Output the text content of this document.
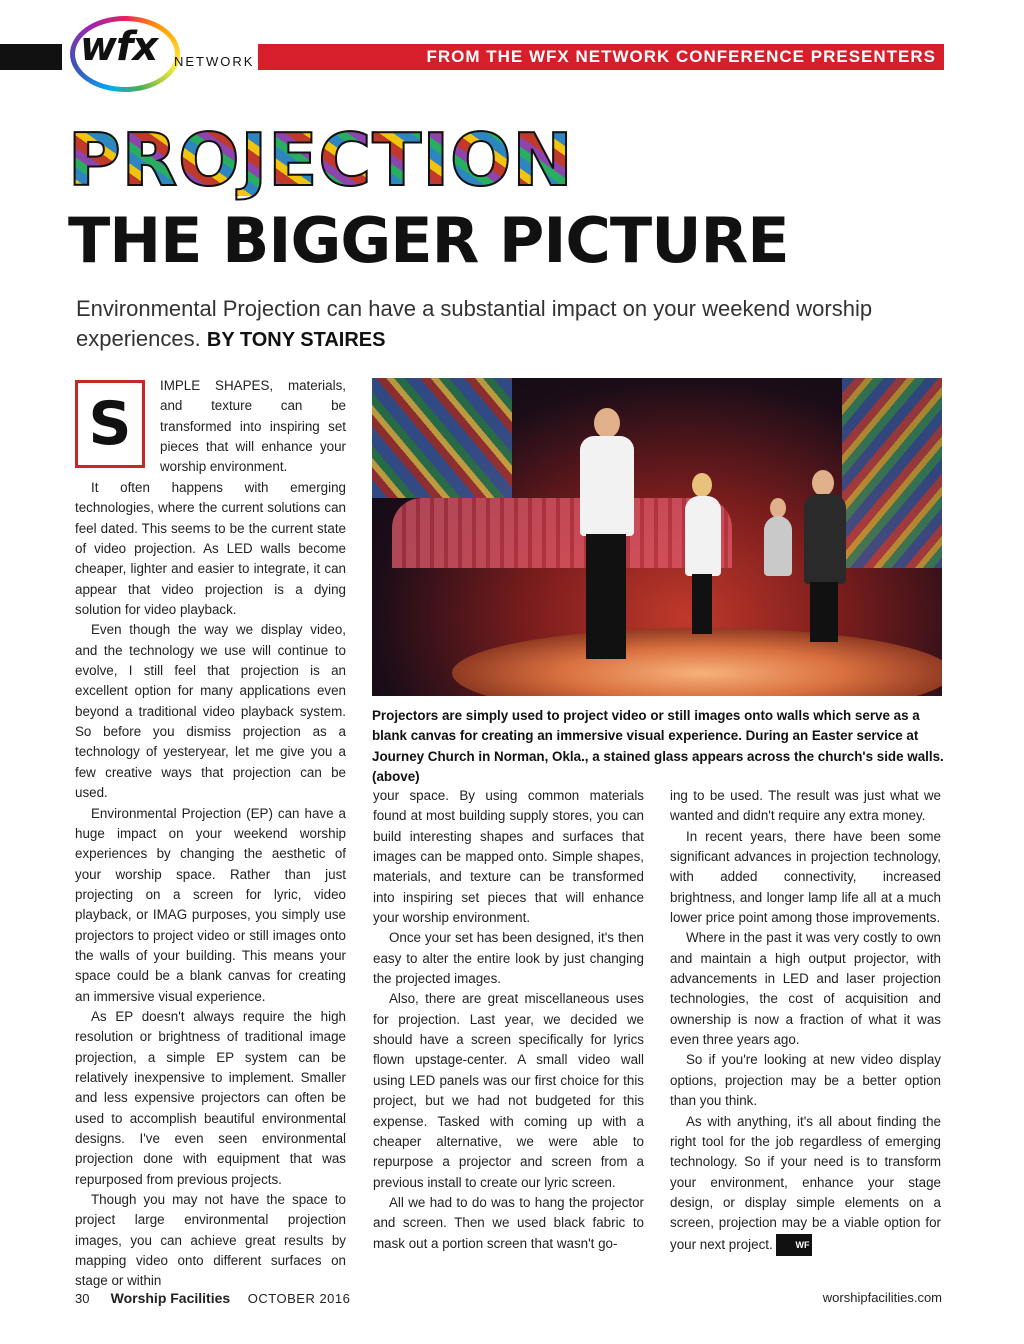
wfx NETWORK	FROM THE WFX NETWORK CONFERENCE PRESENTERS
PROJECTION
THE BIGGER PICTURE
Environmental Projection can have a substantial impact on your weekend worship experiences. BY TONY STAIRES
S
IMPLE SHAPES, materials, and texture can be transformed into inspiring set pieces that will enhance your worship environment.

It often happens with emerging technologies, where the current solutions can feel dated. This seems to be the current state of video projection. As LED walls become cheaper, lighter and easier to integrate, it can appear that video projection is a dying solution for video playback.

Even though the way we display video, and the technology we use will continue to evolve, I still feel that projection is an excellent option for many applications even beyond a traditional video playback system. So before you dismiss projection as a technology of yesteryear, let me give you a few creative ways that projection can be used.

Environmental Projection (EP) can have a huge impact on your weekend worship experiences by changing the aesthetic of your worship space. Rather than just projecting on a screen for lyric, video playback, or IMAG purposes, you simply use projectors to project video or still images onto the walls of your building. This means your space could be a blank canvas for creating an immersive visual experience.

As EP doesn't always require the high resolution or brightness of traditional image projection, a simple EP system can be relatively inexpensive to implement. Smaller and less expensive projectors can often be used to accomplish beautiful environmental designs. I've even seen environmental projection done with equipment that was repurposed from previous projects.

Though you may not have the space to project large environmental projection images, you can achieve great results by mapping video onto different surfaces on stage or within

Projectors are simply used to project video or still images onto walls which serve as a blank canvas for creating an immersive visual experience. During an Easter service at Journey Church in Norman, Okla., a stained glass appears across the church's side walls. (above)

your space. By using common materials found at most building supply stores, you can build interesting shapes and surfaces that images can be mapped onto. Simple shapes, materials, and texture can be transformed into inspiring set pieces that will enhance your worship environment.

Once your set has been designed, it's then easy to alter the entire look by just changing the projected images.

Also, there are great miscellaneous uses for projection. Last year, we decided we should have a screen specifically for lyrics flown upstage-center. A small video wall using LED panels was our first choice for this project, but we had not budgeted for this expense. Tasked with coming up with a cheaper alternative, we were able to repurpose a projector and screen from a previous install to create our lyric screen.

All we had to do was to hang the projector and screen. Then we used black fabric to mask out a portion screen that wasn't go-

ing to be used. The result was just what we wanted and didn't require any extra money.

In recent years, there have been some significant advances in projection technology, with added connectivity, increased brightness, and longer lamp life all at a much lower price point among those improvements.

Where in the past it was very costly to own and maintain a high output projector, with advancements in LED and laser projection technologies, the cost of acquisition and ownership is now a fraction of what it was even three years ago.

So if you're looking at new video display options, projection may be a better option than you think.

As with anything, it's all about finding the right tool for the job regardless of emerging technology. So if your need is to transform your environment, enhance your stage design, or display simple elements on a screen, projection may be a viable option for your next project.	WF

30 Worship Facilities OCTOBER 2016	worshipfacilities.com
